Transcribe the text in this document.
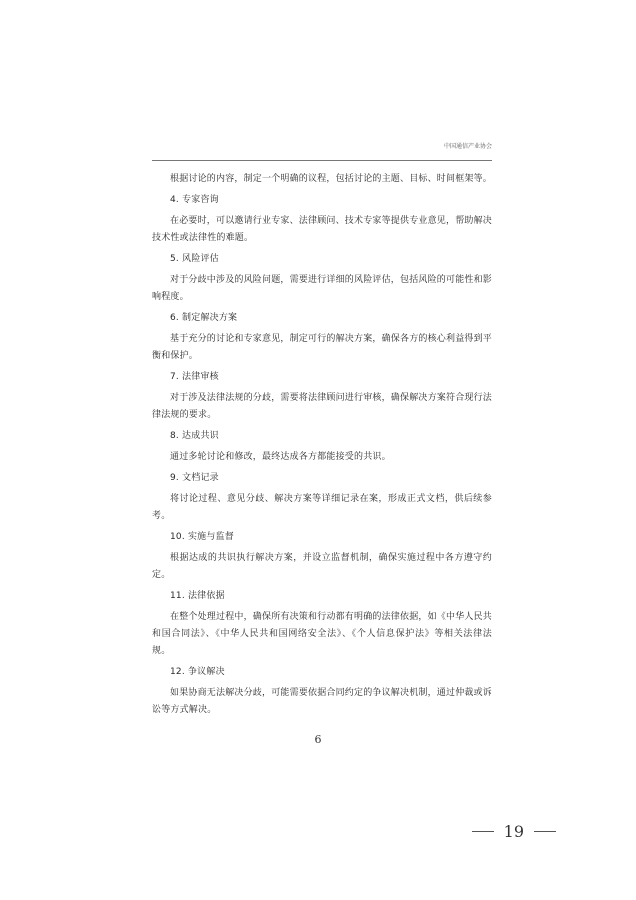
中国通信产业协会

根据讨论的内容，制定一个明确的议程，包括讨论的主题、目标、时间框架等。

4. 专家咨询

在必要时，可以邀请行业专家、法律顾问、技术专家等提供专业意见，帮助解决技术性或法律性的难题。

5. 风险评估

对于分歧中涉及的风险问题，需要进行详细的风险评估，包括风险的可能性和影响程度。

6. 制定解决方案

基于充分的讨论和专家意见，制定可行的解决方案，确保各方的核心利益得到平衡和保护。

7. 法律审核

对于涉及法律法规的分歧，需要将法律顾问进行审核，确保解决方案符合现行法律法规的要求。

8. 达成共识

通过多轮讨论和修改，最终达成各方都能接受的共识。

9. 文档记录

将讨论过程、意见分歧、解决方案等详细记录在案，形成正式文档，供后续参考。

10. 实施与监督

根据达成的共识执行解决方案，并设立监督机制，确保实施过程中各方遵守约定。

11. 法律依据

在整个处理过程中，确保所有决策和行动都有明确的法律依据，如《中华人民共和国合同法》、《中华人民共和国网络安全法》、《个人信息保护法》等相关法律法规。

12. 争议解决

如果协商无法解决分歧，可能需要依据合同约定的争议解决机制，通过仲裁或诉讼等方式解决。

6
19
